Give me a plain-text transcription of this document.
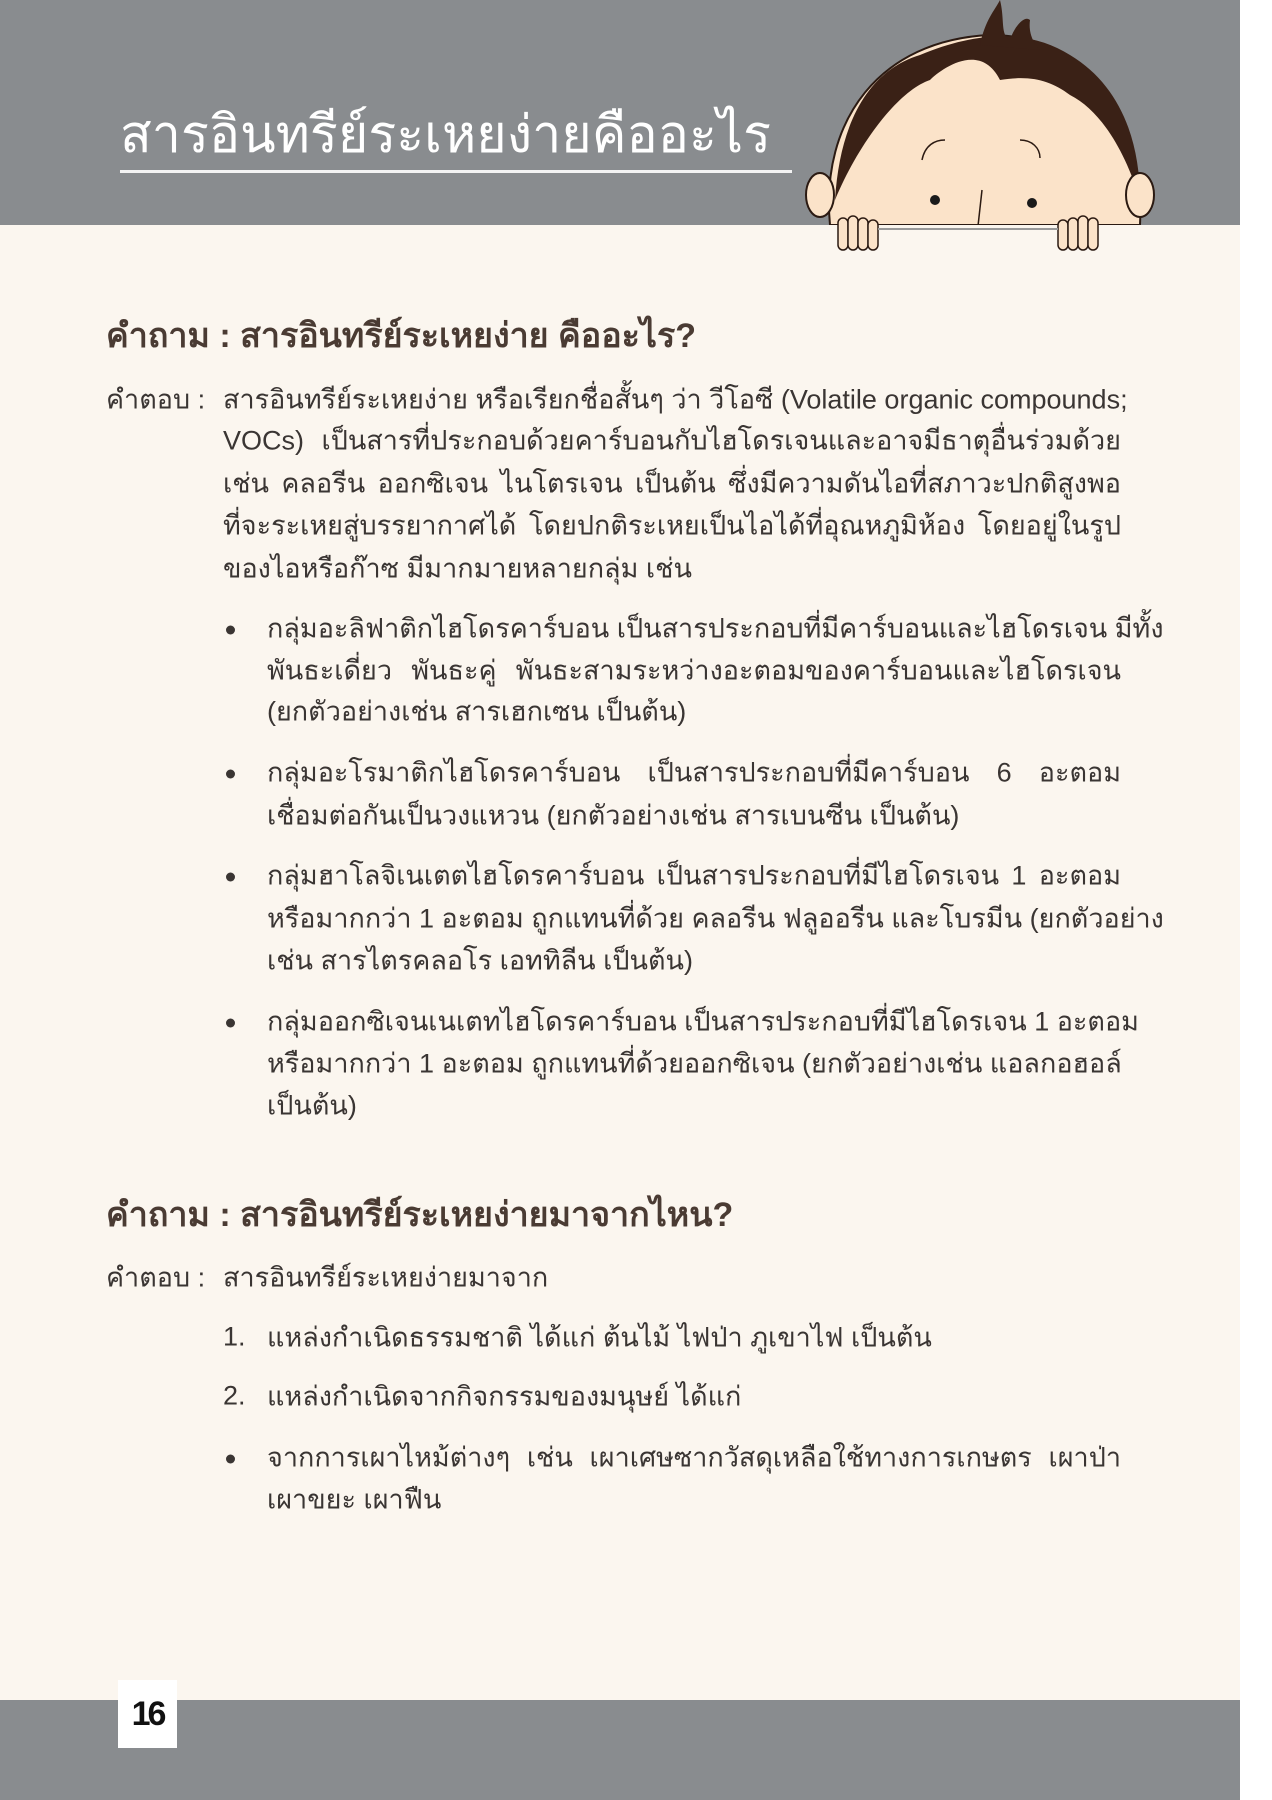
สารอินทรีย์ระเหยง่ายคืออะไร
คำถาม : สารอินทรีย์ระเหยง่าย คืออะไร?
คำตอบ : สารอินทรีย์ระเหยง่าย หรือเรียกชื่อสั้นๆ ว่า วีโอซี (Volatile organic compounds;
VOCs) เป็นสารที่ประกอบด้วยคาร์บอนกับไฮโดรเจนและอาจมีธาตุอื่นร่วมด้วย
เช่น คลอรีน ออกซิเจน ไนโตรเจน เป็นต้น ซึ่งมีความดันไอที่สภาวะปกติสูงพอ
ที่จะระเหยสู่บรรยากาศได้ โดยปกติระเหยเป็นไอได้ที่อุณหภูมิห้อง โดยอยู่ในรูป
ของไอหรือก๊าซ มีมากมายหลายกลุ่ม เช่น
กลุ่มอะลิฟาติกไฮโดรคาร์บอน เป็นสารประกอบที่มีคาร์บอนและไฮโดรเจน มีทั้ง
พันธะเดี่ยว พันธะคู่ พันธะสามระหว่างอะตอมของคาร์บอนและไฮโดรเจน
(ยกตัวอย่างเช่น สารเฮกเซน เป็นต้น)
กลุ่มอะโรมาติกไฮโดรคาร์บอน เป็นสารประกอบที่มีคาร์บอน 6 อะตอม
เชื่อมต่อกันเป็นวงแหวน (ยกตัวอย่างเช่น สารเบนซีน เป็นต้น)
กลุ่มฮาโลจิเนเตตไฮโดรคาร์บอน เป็นสารประกอบที่มีไฮโดรเจน 1 อะตอม
หรือมากกว่า 1 อะตอม ถูกแทนที่ด้วย คลอรีน ฟลูออรีน และโบรมีน (ยกตัวอย่าง
เช่น สารไตรคลอโร เอททิลีน เป็นต้น)
กลุ่มออกซิเจนเนเตทไฮโดรคาร์บอน เป็นสารประกอบที่มีไฮโดรเจน 1 อะตอม
หรือมากกว่า 1 อะตอม ถูกแทนที่ด้วยออกซิเจน (ยกตัวอย่างเช่น แอลกอฮอล์
เป็นต้น)
คำถาม : สารอินทรีย์ระเหยง่ายมาจากไหน?
คำตอบ : สารอินทรีย์ระเหยง่ายมาจาก
1. แหล่งกำเนิดธรรมชาติ ได้แก่ ต้นไม้ ไฟป่า ภูเขาไฟ เป็นต้น
2. แหล่งกำเนิดจากกิจกรรมของมนุษย์ ได้แก่
จากการเผาไหม้ต่างๆ เช่น เผาเศษซากวัสดุเหลือใช้ทางการเกษตร เผาป่า
เผาขยะ เผาฟืน
16
